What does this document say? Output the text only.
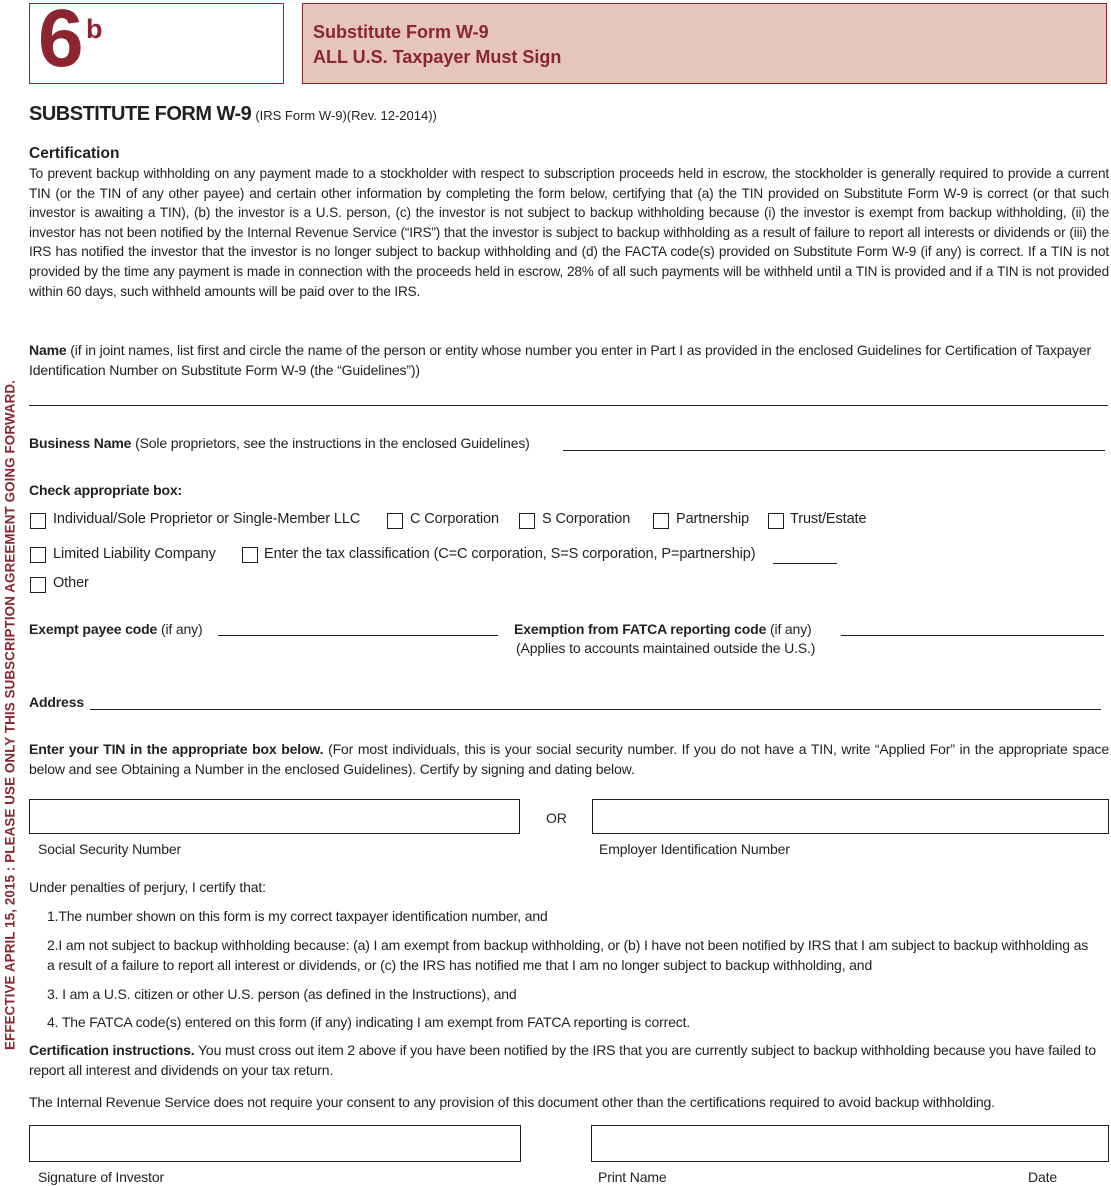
6 b	Substitute Form W-9
ALL U.S. Taxpayer Must Sign
EFFECTIVE APRIL 15, 2015 : PLEASE USE ONLY THIS SUBSCRIPTION AGREEMENT GOING FORWARD.
SUBSTITUTE FORM W-9 (IRS Form W-9)(Rev. 12-2014))
Certification
To prevent backup withholding on any payment made to a stockholder with respect to subscription proceeds held in escrow, the stockholder is generally required to provide a current TIN (or the TIN of any other payee) and certain other information by completing the form below, certifying that (a) the TIN provided on Substitute Form W-9 is correct (or that such investor is awaiting a TIN), (b) the investor is a U.S. person, (c) the investor is not subject to backup withholding because (i) the investor is exempt from backup withholding, (ii) the investor has not been notified by the Internal Revenue Service (“IRS”) that the investor is subject to backup withholding as a result of failure to report all interests or dividends or (iii) the IRS has notified the investor that the investor is no longer subject to backup withholding and (d) the FACTA code(s) provided on Substitute Form W-9 (if any) is correct. If a TIN is not provided by the time any payment is made in connection with the proceeds held in escrow, 28% of all such payments will be withheld until a TIN is provided and if a TIN is not provided within 60 days, such withheld amounts will be paid over to the IRS.
Name (if in joint names, list first and circle the name of the person or entity whose number you enter in Part I as provided in the enclosed Guidelines for Certification of Taxpayer Identification Number on Substitute Form W-9 (the “Guidelines”))
Business Name (Sole proprietors, see the instructions in the enclosed Guidelines)
Check appropriate box:
Individual/Sole Proprietor or Single-Member LLC	C Corporation	S Corporation	Partnership	Trust/Estate
Limited Liability Company	Enter the tax classification (C=C corporation, S=S corporation, P=partnership)
Other
Exempt payee code (if any)	Exemption from FATCA reporting code (if any)
(Applies to accounts maintained outside the U.S.)
Address
Enter your TIN in the appropriate box below. (For most individuals, this is your social security number. If you do not have a TIN, write “Applied For” in the appropriate space below and see Obtaining a Number in the enclosed Guidelines). Certify by signing and dating below.
OR
Social Security Number	Employer Identification Number
Under penalties of perjury, I certify that:
1.The number shown on this form is my correct taxpayer identification number, and
2.I am not subject to backup withholding because: (a) I am exempt from backup withholding, or (b) I have not been notified by IRS that I am subject to backup withholding as a result of a failure to report all interest or dividends, or (c) the IRS has notified me that I am no longer subject to backup withholding, and
3. I am a U.S. citizen or other U.S. person (as defined in the Instructions), and
4. The FATCA code(s) entered on this form (if any) indicating I am exempt from FATCA reporting is correct.
Certification instructions. You must cross out item 2 above if you have been notified by the IRS that you are currently subject to backup withholding because you have failed to report all interest and dividends on your tax return.
The Internal Revenue Service does not require your consent to any provision of this document other than the certifications required to avoid backup withholding.
Signature of Investor	Print Name	Date
